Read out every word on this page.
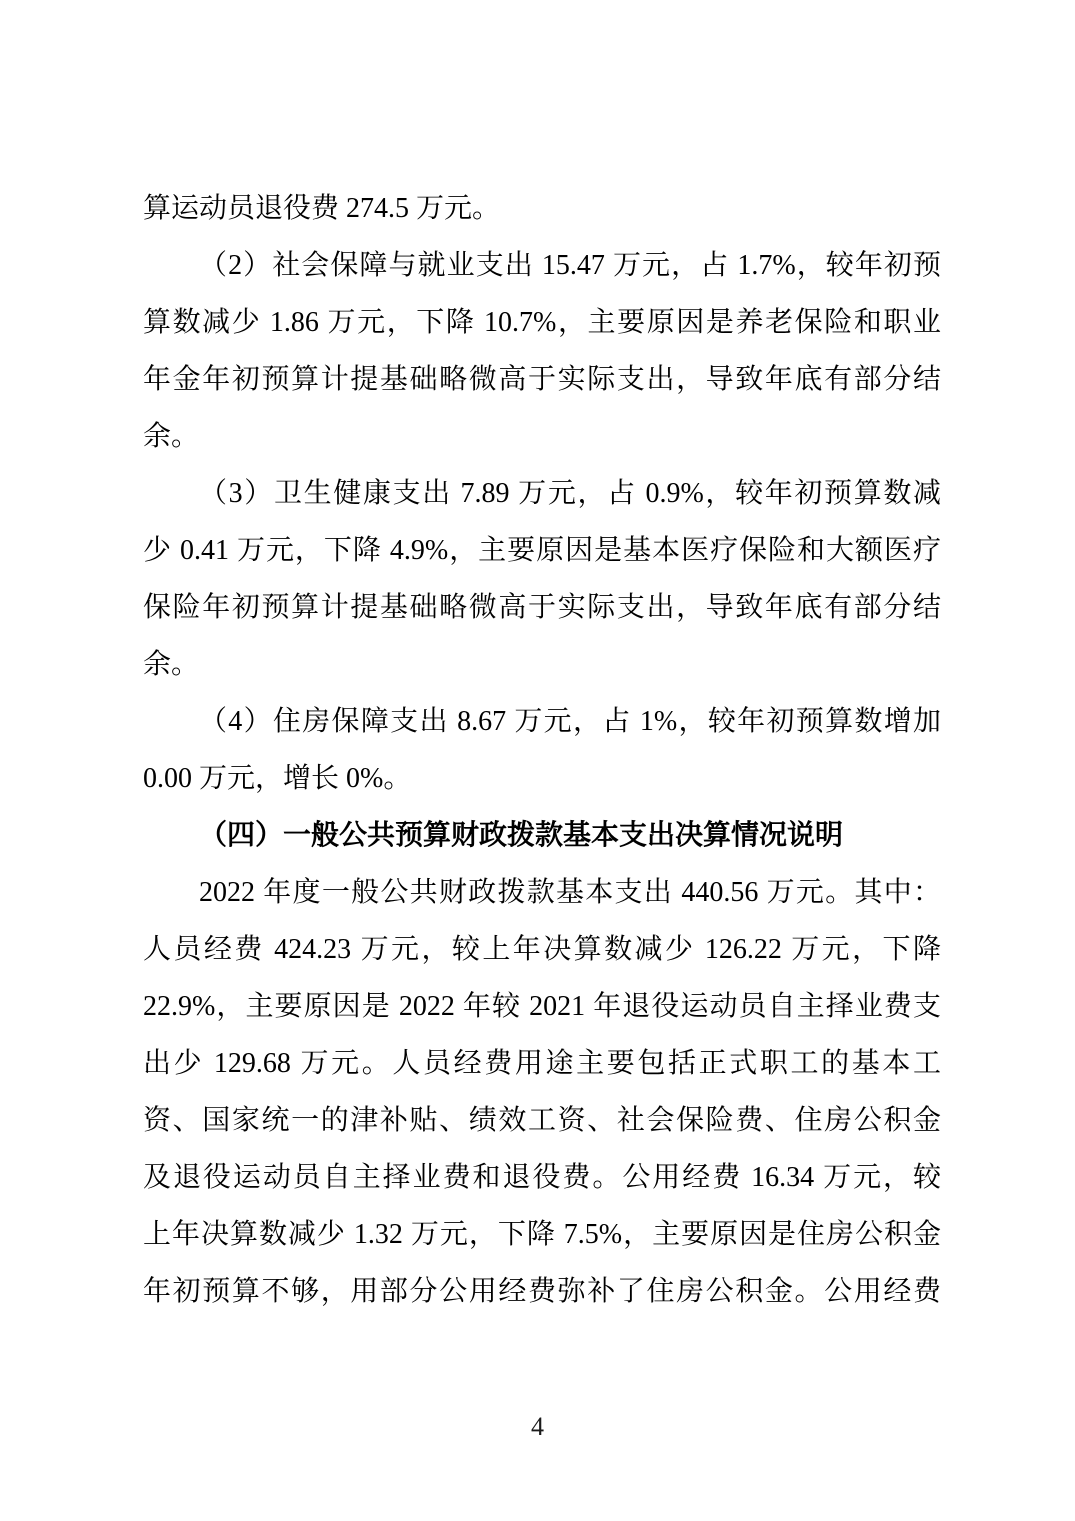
算运动员退役费 274.5 万元。
（2）社会保障与就业支出 15.47 万元，占 1.7%，较年初预
算数减少 1.86 万元，下降 10.7%，主要原因是养老保险和职业
年金年初预算计提基础略微高于实际支出，导致年底有部分结
余。
（3）卫生健康支出 7.89 万元，占 0.9%，较年初预算数减
少 0.41 万元，下降 4.9%，主要原因是基本医疗保险和大额医疗
保险年初预算计提基础略微高于实际支出，导致年底有部分结
余。
（4）住房保障支出 8.67 万元，占 1%，较年初预算数增加
0.00 万元，增长 0%。
（四）一般公共预算财政拨款基本支出决算情况说明
2022 年度一般公共财政拨款基本支出 440.56 万元。其中：
人员经费 424.23 万元，较上年决算数减少 126.22 万元，下降
22.9%，主要原因是 2022 年较 2021 年退役运动员自主择业费支
出少 129.68 万元。人员经费用途主要包括正式职工的基本工
资、国家统一的津补贴、绩效工资、社会保险费、住房公积金
及退役运动员自主择业费和退役费。公用经费 16.34 万元，较
上年决算数减少 1.32 万元，下降 7.5%，主要原因是住房公积金
年初预算不够，用部分公用经费弥补了住房公积金。公用经费
4
